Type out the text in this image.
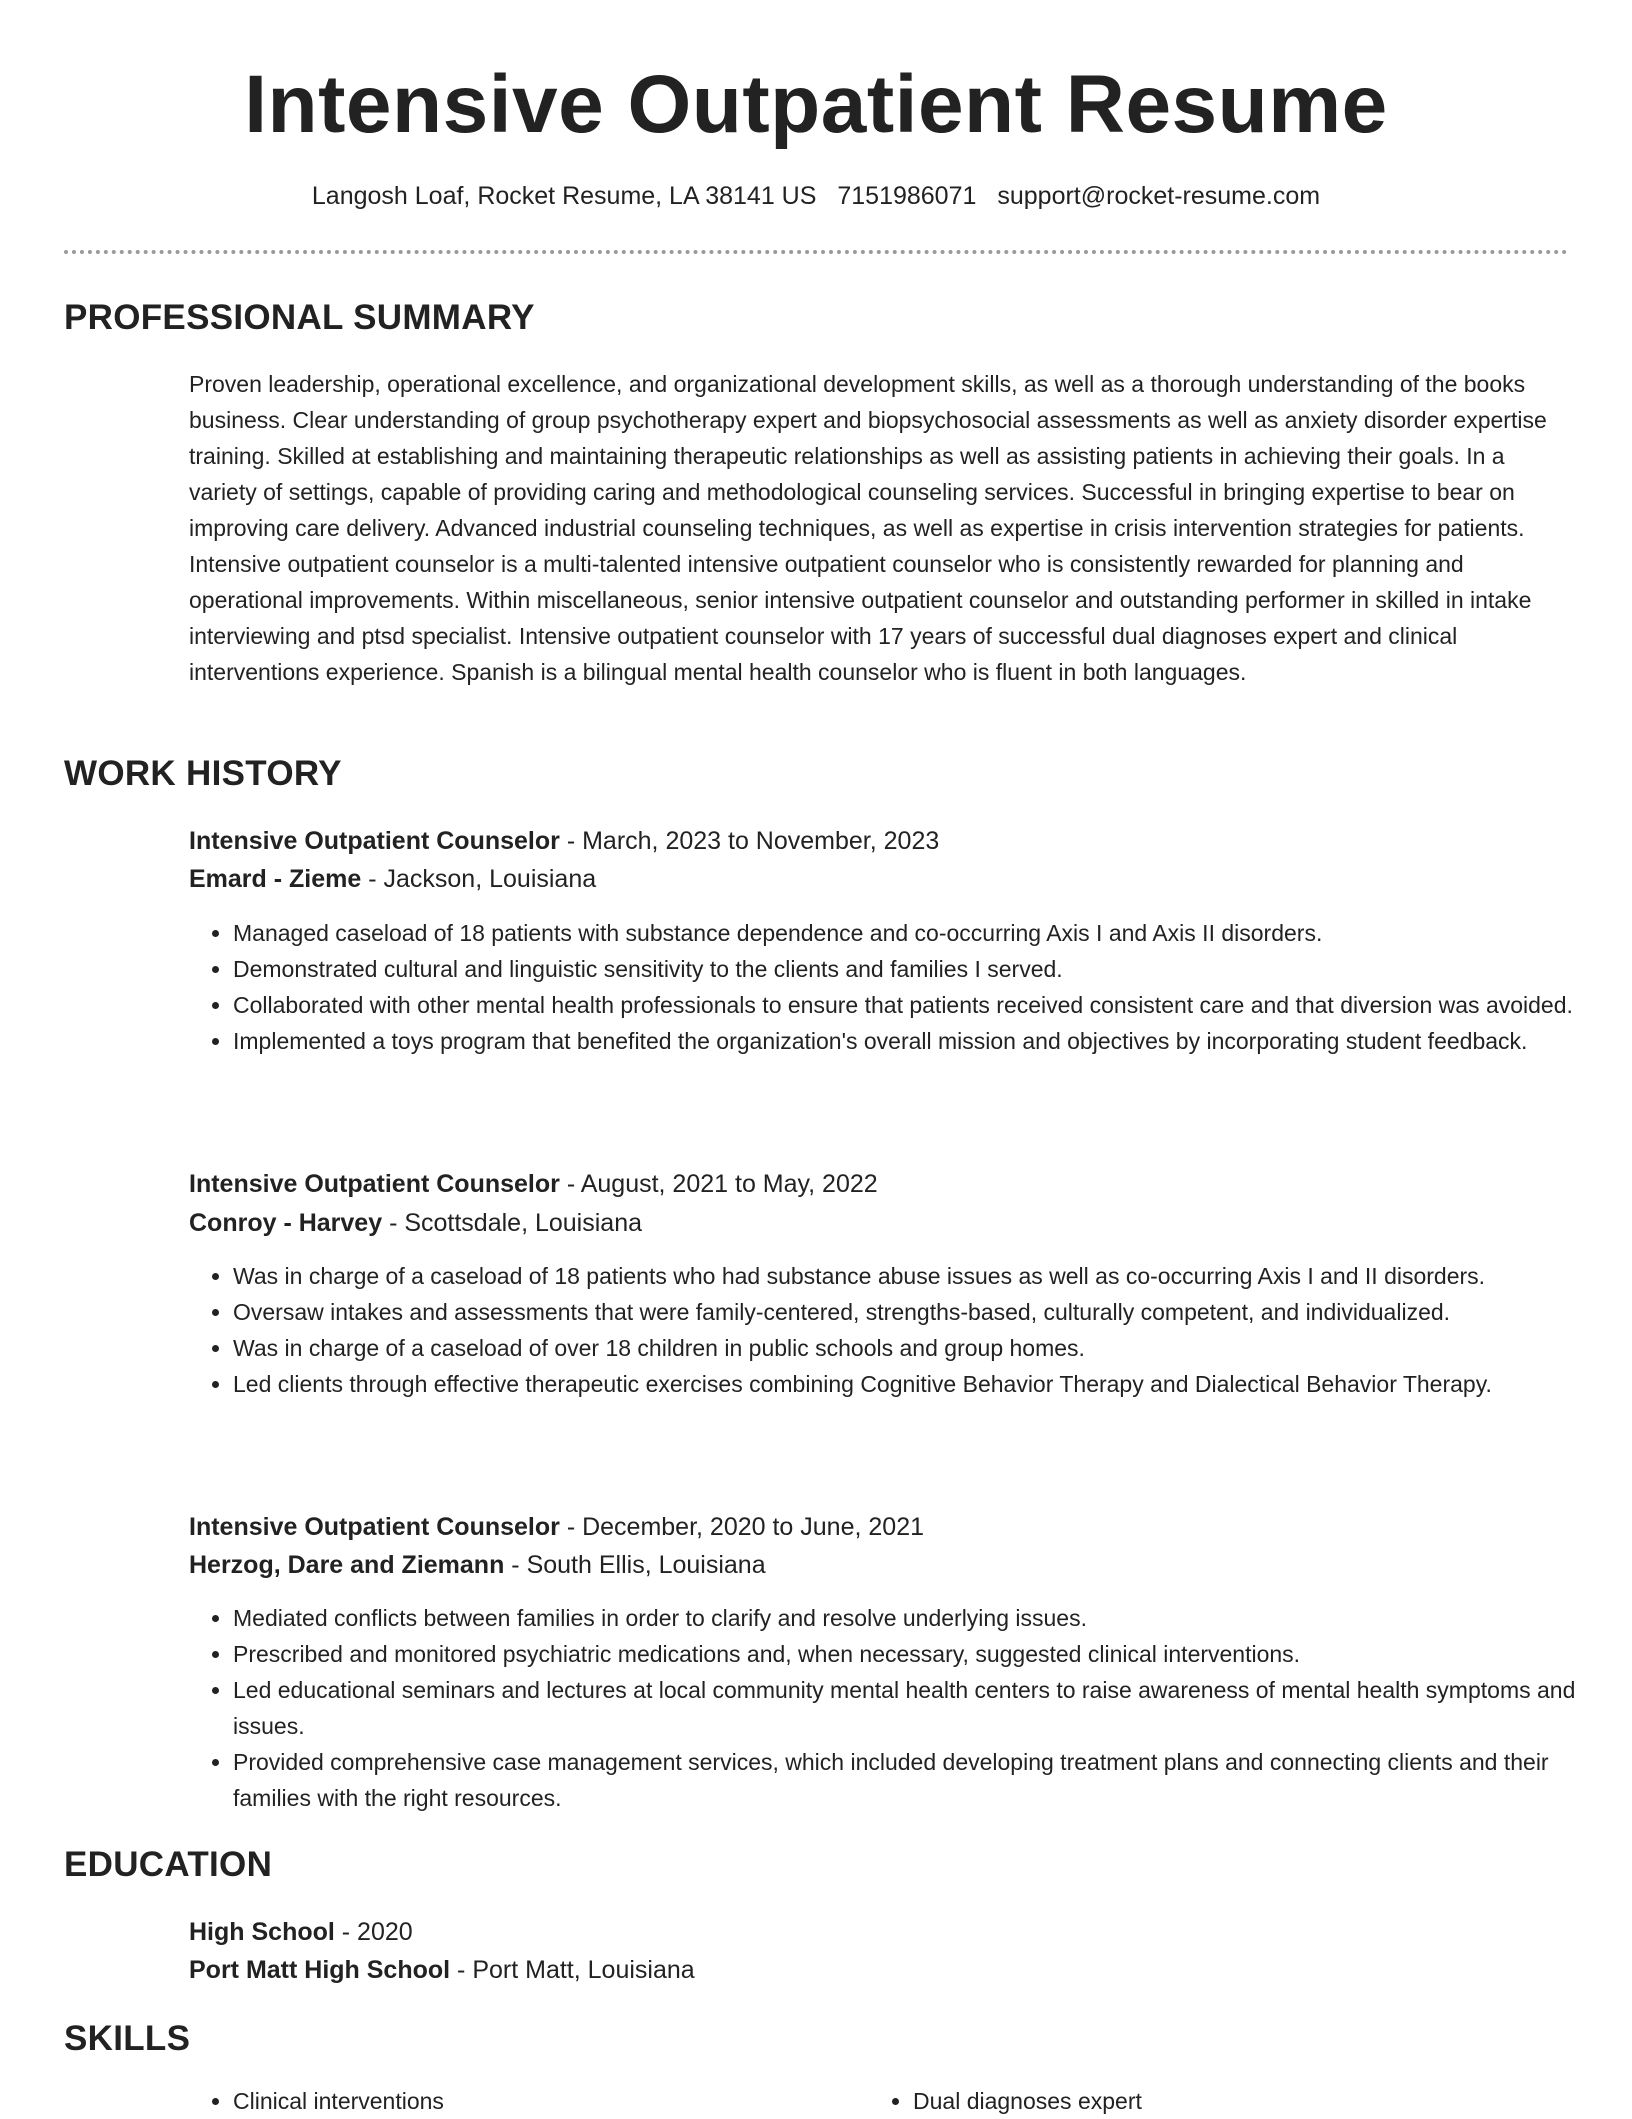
Intensive Outpatient Resume
Langosh Loaf, Rocket Resume, LA 38141 US 7151986071 support@rocket-resume.com
PROFESSIONAL SUMMARY
Proven leadership, operational excellence, and organizational development skills, as well as a thorough understanding of the books business. Clear understanding of group psychotherapy expert and biopsychosocial assessments as well as anxiety disorder expertise training. Skilled at establishing and maintaining therapeutic relationships as well as assisting patients in achieving their goals. In a variety of settings, capable of providing caring and methodological counseling services. Successful in bringing expertise to bear on improving care delivery. Advanced industrial counseling techniques, as well as expertise in crisis intervention strategies for patients. Intensive outpatient counselor is a multi-talented intensive outpatient counselor who is consistently rewarded for planning and operational improvements. Within miscellaneous, senior intensive outpatient counselor and outstanding performer in skilled in intake interviewing and ptsd specialist. Intensive outpatient counselor with 17 years of successful dual diagnoses expert and clinical interventions experience. Spanish is a bilingual mental health counselor who is fluent in both languages.
WORK HISTORY
Intensive Outpatient Counselor - March, 2023 to November, 2023
Emard - Zieme - Jackson, Louisiana
• Managed caseload of 18 patients with substance dependence and co-occurring Axis I and Axis II disorders.
• Demonstrated cultural and linguistic sensitivity to the clients and families I served.
• Collaborated with other mental health professionals to ensure that patients received consistent care and that diversion was avoided.
• Implemented a toys program that benefited the organization's overall mission and objectives by incorporating student feedback.
Intensive Outpatient Counselor - August, 2021 to May, 2022
Conroy - Harvey - Scottsdale, Louisiana
• Was in charge of a caseload of 18 patients who had substance abuse issues as well as co-occurring Axis I and II disorders.
• Oversaw intakes and assessments that were family-centered, strengths-based, culturally competent, and individualized.
• Was in charge of a caseload of over 18 children in public schools and group homes.
• Led clients through effective therapeutic exercises combining Cognitive Behavior Therapy and Dialectical Behavior Therapy.
Intensive Outpatient Counselor - December, 2020 to June, 2021
Herzog, Dare and Ziemann - South Ellis, Louisiana
• Mediated conflicts between families in order to clarify and resolve underlying issues.
• Prescribed and monitored psychiatric medications and, when necessary, suggested clinical interventions.
• Led educational seminars and lectures at local community mental health centers to raise awareness of mental health symptoms and issues.
• Provided comprehensive case management services, which included developing treatment plans and connecting clients and their families with the right resources.
EDUCATION
High School - 2020
Port Matt High School - Port Matt, Louisiana
SKILLS
• Clinical interventions
•	Dual diagnoses expert
